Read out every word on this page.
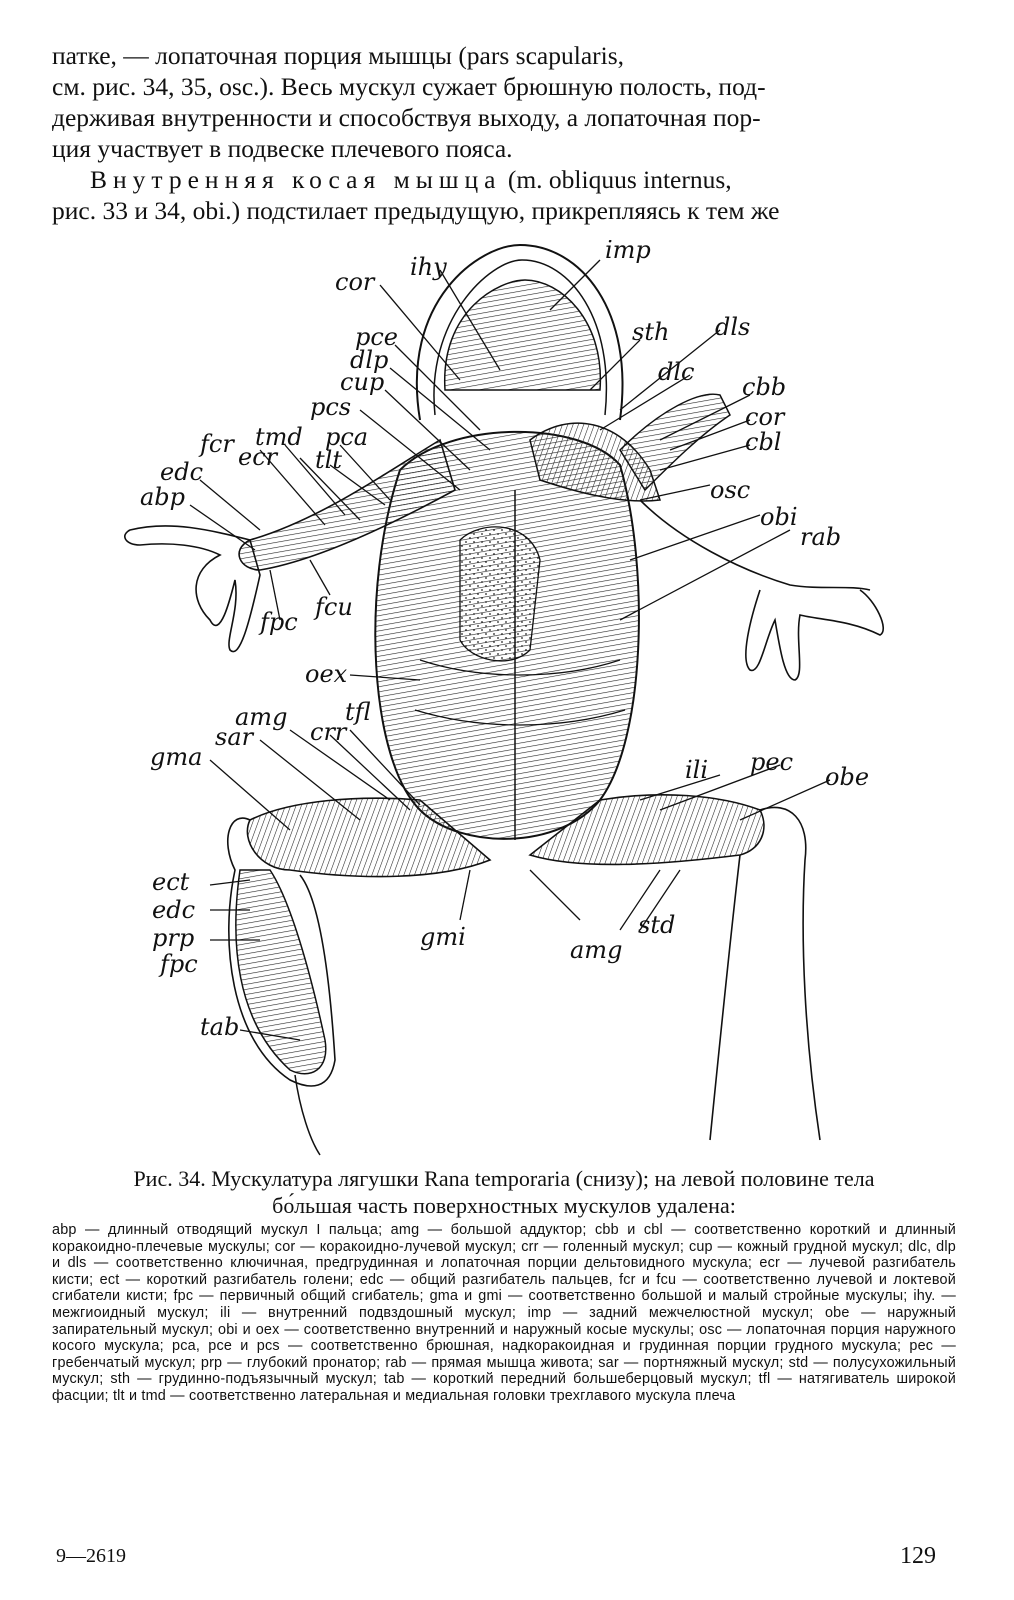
патке, — лопаточная порция мышцы (pars scapularis,
см. рис. 34, 35, osc.). Весь мускул сужает брюшную полость, под-
держивая внутренности и способствуя выходу, а лопаточная пор-
ция участвует в подвеске плечевого пояса.

Внутренняя косая мышца (m. obliquus internus,
рис. 33 и 34, obi.) подстилает предыдущую, прикрепляясь к тем же

ihy
imp
cor
pce
dlp
cup
pcs
fcr tmd pca
ecr tlt
edc
abp
fcu
fpc
sth dls
dlc
cbb
cor
cbl
osc
obi
rab
oex
amg tfl
sar crr
gma	ili pec
obe
ect
edc
prp
fpc
tab
gmi	std
amg
Рис. 34. Мускулатура лягушки Rana temporaria (снизу); на левой половине тела
бо́льшая часть поверхностных мускулов удалена:
abp — длинный отводящий мускул I пальца; amg — большой аддуктор; cbb и cbl — соответственно короткий и длинный коракоидно-плечевые мускулы; cor — коракоидно-лучевой мускул; crr — голенный мускул; cup — кожный грудной мускул; dlc, dlp и dls — соответственно ключичная, предгрудинная и лопаточная порции дельтовидного мускула; ecr — лучевой разгибатель кисти; ect — короткий разгибатель голени; edc — общий разгибатель пальцев, fcr и fcu — соответственно лучевой и локтевой сгибатели кисти; fpc — первичный общий сгибатель; gma и gmi — соответственно большой и малый стройные мускулы; ihy. — межгиоидный мускул; ili — внутренний подвздошный мускул; imp — задний межчелюстной мускул; obe — наружный запирательный мускул; obi и oex — соответственно внутренний и наружный косые мускулы; osc — лопаточная порция наружного косого мускула; pca, pce и pcs — соответственно брюшная, надкоракоидная и грудинная порции грудного мускула; pec — гребенчатый мускул; prp — глубокий пронатор; rab — прямая мышца живота; sar — портняжный мускул; std — полусухожильный мускул; sth — грудинно-подъязычный мускул; tab — короткий передний большеберцовый мускул; tfl — натягиватель широкой фасции; tlt и tmd — соответственно латеральная и медиальная головки трехглавого мускула плеча
9—2619	129
